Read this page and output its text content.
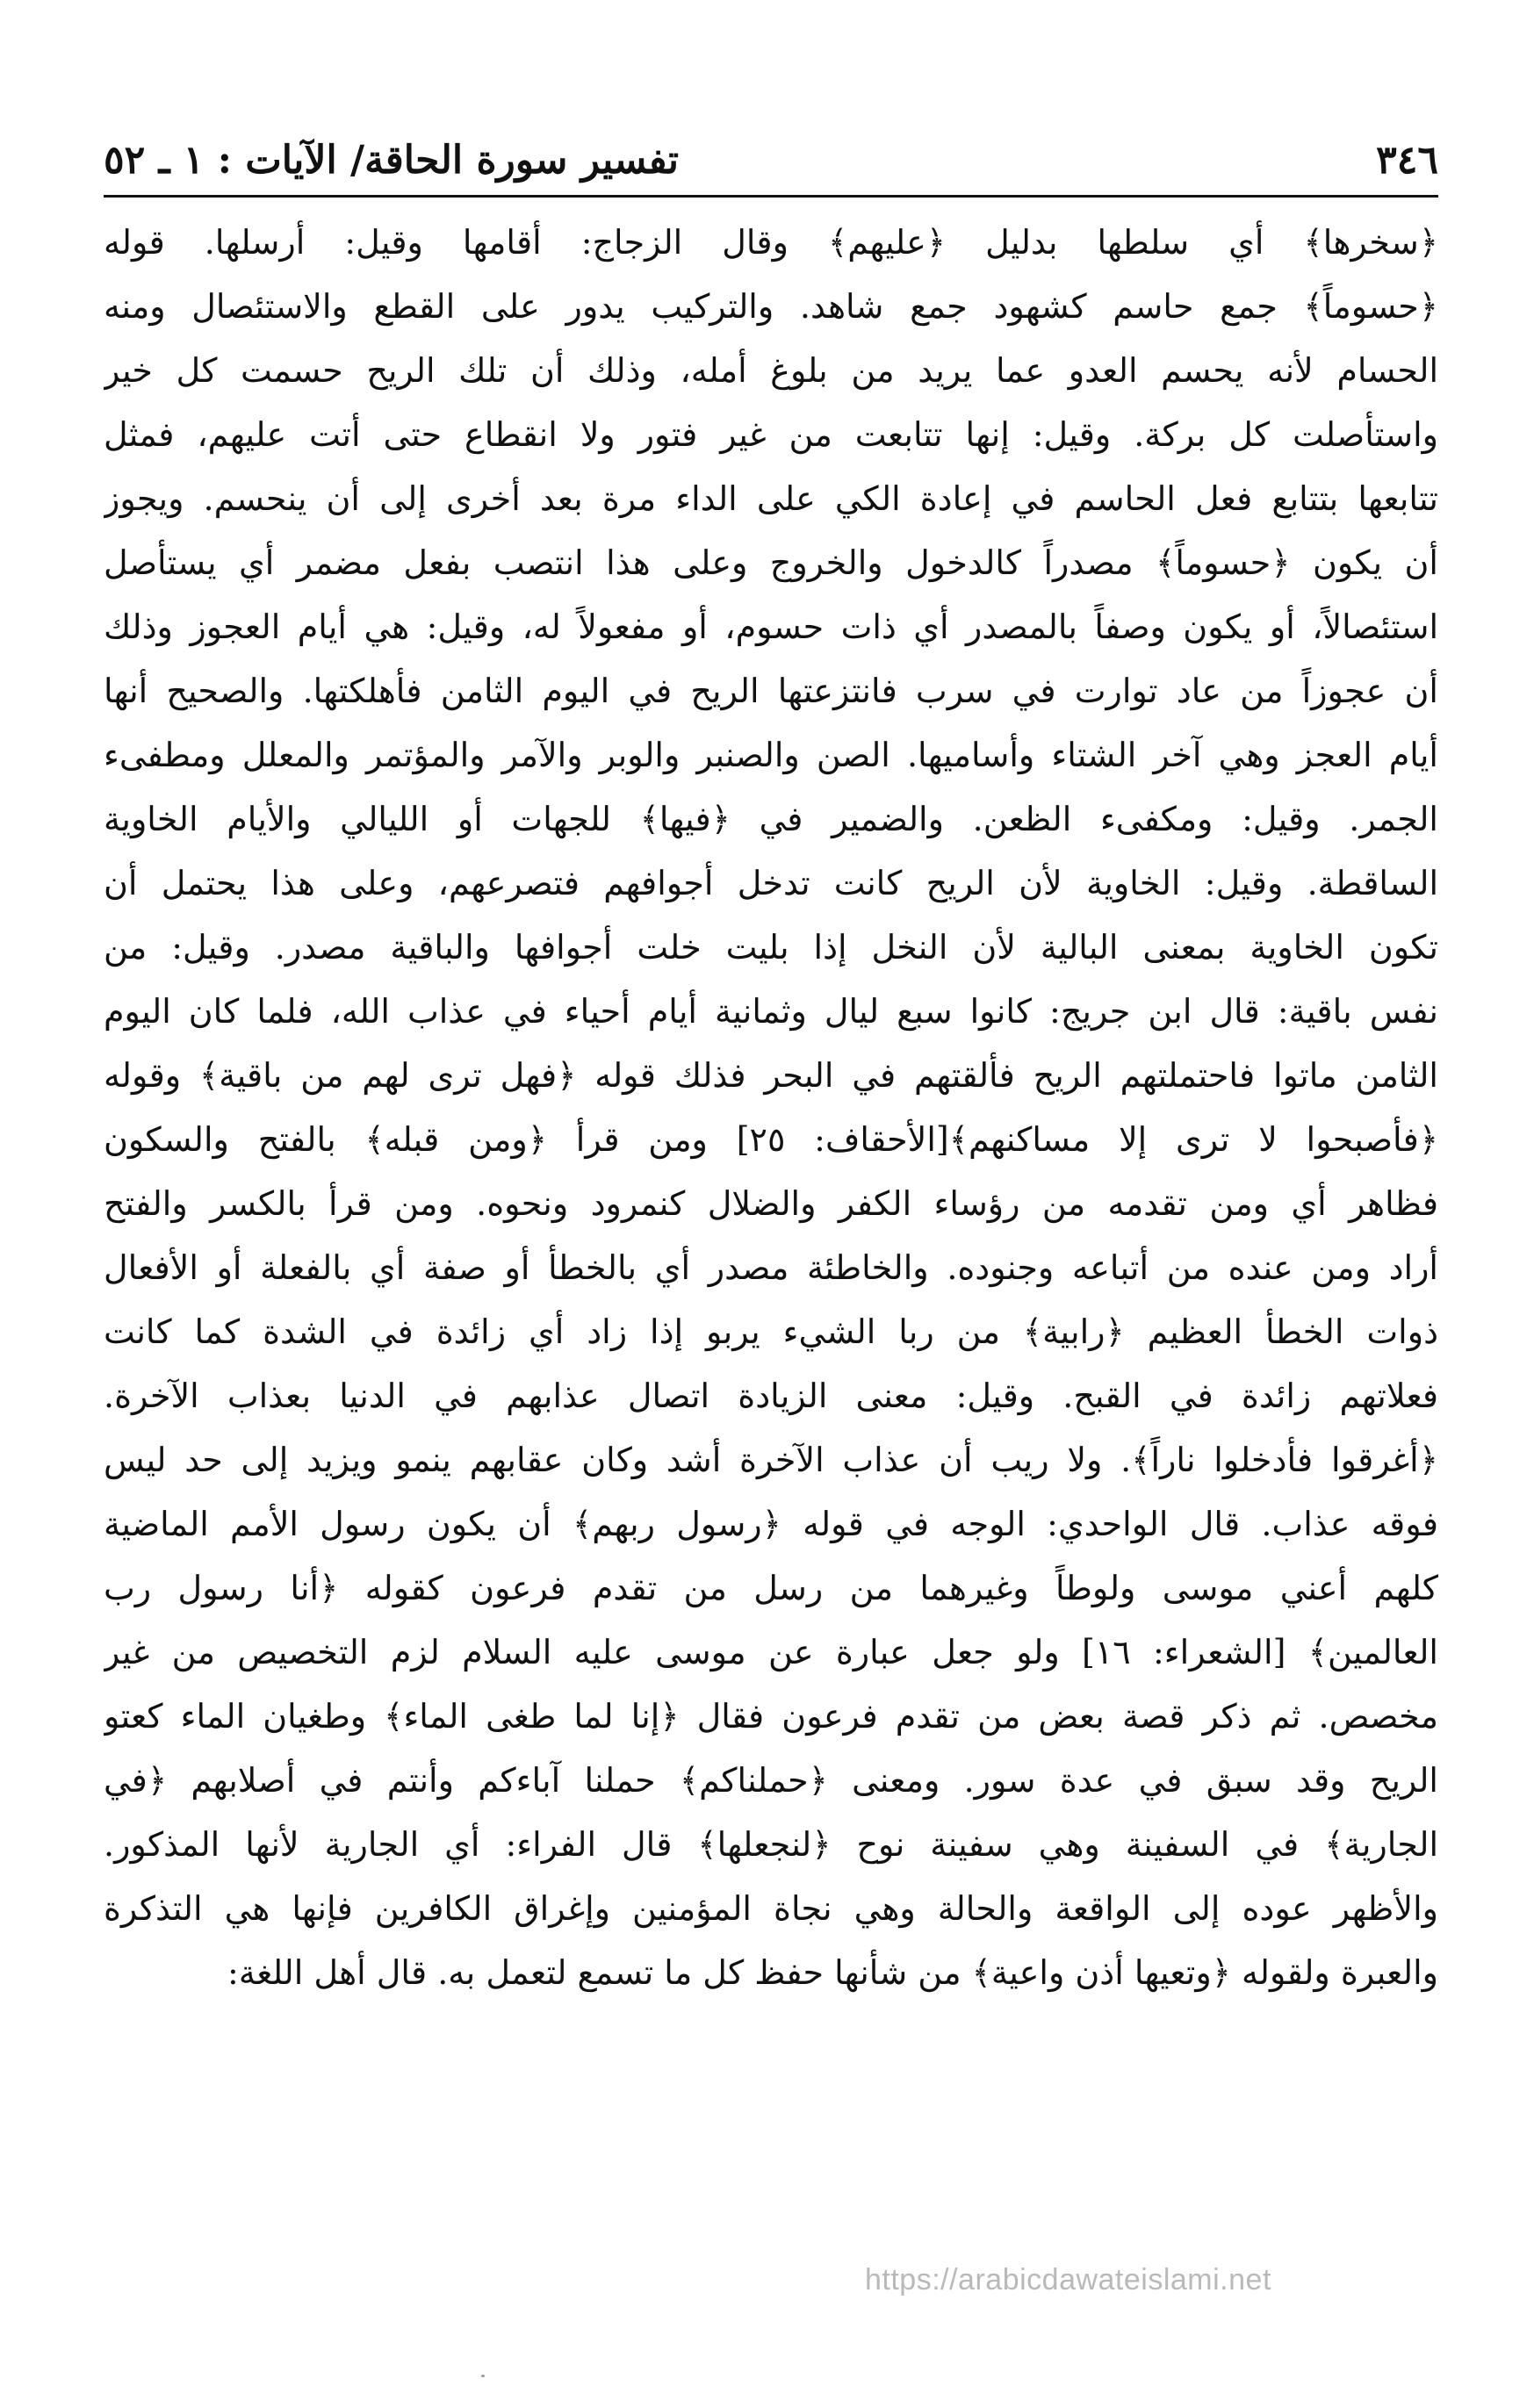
٣٤٦
تفسير سورة الحاقة/ الآيات : ١ ـ ٥٢
﴿سخرها﴾ أي سلطها بدليل ﴿عليهم﴾ وقال الزجاج: أقامها وقيل: أرسلها. قوله
﴿حسوماً﴾ جمع حاسم كشهود جمع شاهد. والتركيب يدور على القطع والاستئصال ومنه
الحسام لأنه يحسم العدو عما يريد من بلوغ أمله، وذلك أن تلك الريح حسمت كل خير
واستأصلت كل بركة. وقيل: إنها تتابعت من غير فتور ولا انقطاع حتى أتت عليهم، فمثل
تتابعها بتتابع فعل الحاسم في إعادة الكي على الداء مرة بعد أخرى إلى أن ينحسم. ويجوز
أن يكون ﴿حسوماً﴾ مصدراً كالدخول والخروج وعلى هذا انتصب بفعل مضمر أي يستأصل
استئصالاً، أو يكون وصفاً بالمصدر أي ذات حسوم، أو مفعولاً له، وقيل: هي أيام العجوز وذلك
أن عجوزاً من عاد توارت في سرب فانتزعتها الريح في اليوم الثامن فأهلكتها. والصحيح أنها
أيام العجز وهي آخر الشتاء وأساميها. الصن والصنبر والوبر والآمر والمؤتمر والمعلل ومطفىء
الجمر. وقيل: ومكفىء الظعن. والضمير في ﴿فيها﴾ للجهات أو الليالي والأيام الخاوية
الساقطة. وقيل: الخاوية لأن الريح كانت تدخل أجوافهم فتصرعهم، وعلى هذا يحتمل أن
تكون الخاوية بمعنى البالية لأن النخل إذا بليت خلت أجوافها والباقية مصدر. وقيل: من
نفس باقية: قال ابن جريج: كانوا سبع ليال وثمانية أيام أحياء في عذاب الله، فلما كان اليوم
الثامن ماتوا فاحتملتهم الريح فألقتهم في البحر فذلك قوله ﴿فهل ترى لهم من باقية﴾ وقوله
﴿فأصبحوا لا ترى إلا مساكنهم﴾[الأحقاف: ٢٥] ومن قرأ ﴿ومن قبله﴾ بالفتح والسكون
فظاهر أي ومن تقدمه من رؤساء الكفر والضلال كنمرود ونحوه. ومن قرأ بالكسر والفتح
أراد ومن عنده من أتباعه وجنوده. والخاطئة مصدر أي بالخطأ أو صفة أي بالفعلة أو الأفعال
ذوات الخطأ العظيم ﴿رابية﴾ من ربا الشيء يربو إذا زاد أي زائدة في الشدة كما كانت
فعلاتهم زائدة في القبح. وقيل: معنى الزيادة اتصال عذابهم في الدنيا بعذاب الآخرة.
﴿أغرقوا فأدخلوا ناراً﴾. ولا ريب أن عذاب الآخرة أشد وكان عقابهم ينمو ويزيد إلى حد ليس
فوقه عذاب. قال الواحدي: الوجه في قوله ﴿رسول ربهم﴾ أن يكون رسول الأمم الماضية
كلهم أعني موسى ولوطاً وغيرهما من رسل من تقدم فرعون كقوله ﴿أنا رسول رب
العالمين﴾ [الشعراء: ١٦] ولو جعل عبارة عن موسى عليه السلام لزم التخصيص من غير
مخصص. ثم ذكر قصة بعض من تقدم فرعون فقال ﴿إنا لما طغى الماء﴾ وطغيان الماء كعتو
الريح وقد سبق في عدة سور. ومعنى ﴿حملناكم﴾ حملنا آباءكم وأنتم في أصلابهم ﴿في
الجارية﴾ في السفينة وهي سفينة نوح ﴿لنجعلها﴾ قال الفراء: أي الجارية لأنها المذكور.
والأظهر عوده إلى الواقعة والحالة وهي نجاة المؤمنين وإغراق الكافرين فإنها هي التذكرة
والعبرة ولقوله ﴿وتعيها أذن واعية﴾ من شأنها حفظ كل ما تسمع لتعمل به. قال أهل اللغة:
https://arabicdawateislami.net
